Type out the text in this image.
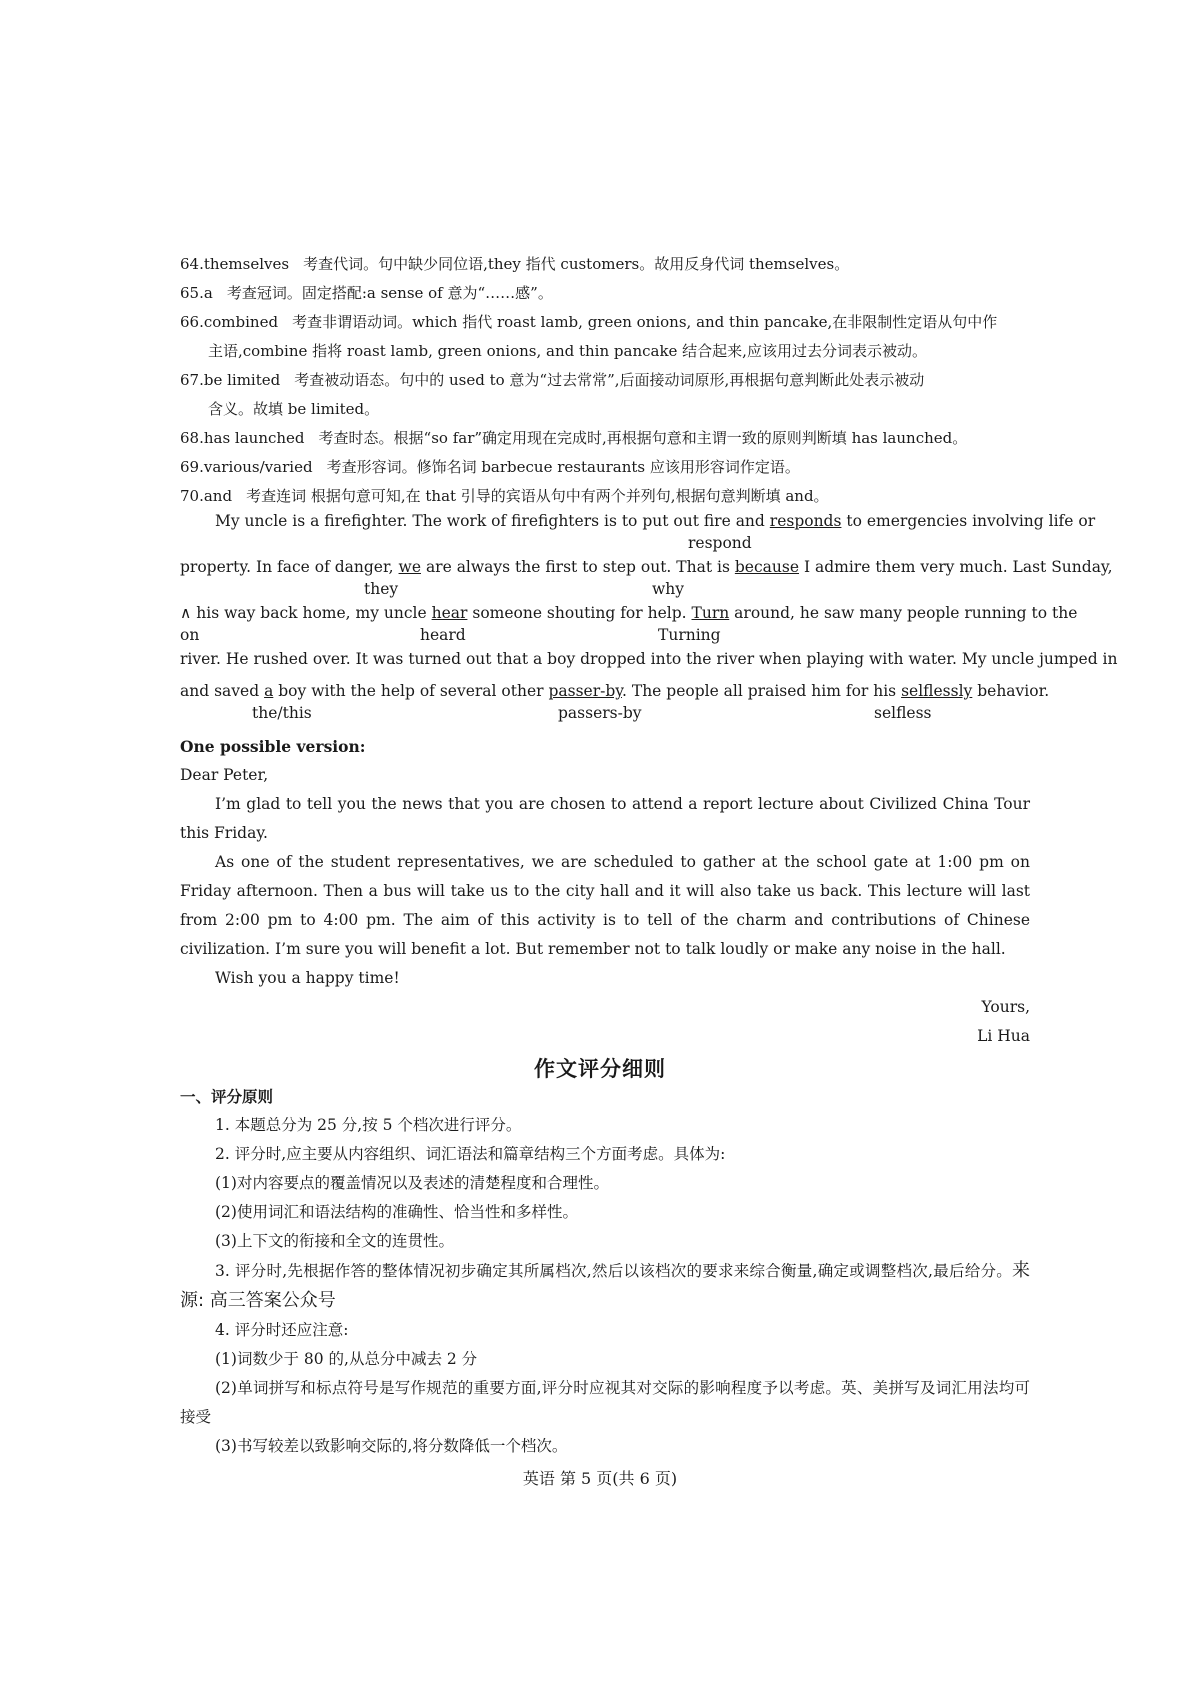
64.themselves 考查代词。句中缺少同位语,they 指代 customers。故用反身代词 themselves。

65.a 考查冠词。固定搭配:a sense of 意为“……感”。

66.combined 考查非谓语动词。which 指代 roast lamb, green onions, and thin pancake,在非限制性定语从句中作

主语,combine 指将 roast lamb, green onions, and thin pancake 结合起来,应该用过去分词表示被动。

67.be limited 考查被动语态。句中的 used to 意为“过去常常”,后面接动词原形,再根据句意判断此处表示被动

含义。故填 be limited。

68.has launched 考查时态。根据“so far”确定用现在完成时,再根据句意和主谓一致的原则判断填 has launched。

69.various/varied 考查形容词。修饰名词 barbecue restaurants 应该用形容词作定语。

70.and 考查连词 根据句意可知,在 that 引导的宾语从句中有两个并列句,根据句意判断填 and。

My uncle is a firefighter. The work of firefighters is to put out fire and responds to emergencies involving life or
respond
property. In face of danger, we are always the first to step out. That is because I admire them very much. Last Sunday,
they	why
∧ his way back home, my uncle hear someone shouting for help. Turn around, he saw many people running to the
on	heard	Turning
river. He rushed over. It was turned out that a boy dropped into the river when playing with water. My uncle jumped in
and saved a boy with the help of several other passer-by. The people all praised him for his selflessly behavior.
the/this	passers-by	selfless

One possible version:

Dear Peter,

I’m glad to tell you the news that you are chosen to attend a report lecture about Civilized China Tour this Friday.

As one of the student representatives, we are scheduled to gather at the school gate at 1:00 pm on Friday afternoon. Then a bus will take us to the city hall and it will also take us back. This lecture will last from 2:00 pm to 4:00 pm. The aim of this activity is to tell of the charm and contributions of Chinese civilization. I’m sure you will benefit a lot. But remember not to talk loudly or make any noise in the hall.

Wish you a happy time!

Yours,

Li Hua

作文评分细则

一、评分原则

1. 本题总分为 25 分,按 5 个档次进行评分。

2. 评分时,应主要从内容组织、词汇语法和篇章结构三个方面考虑。具体为:

(1)对内容要点的覆盖情况以及表述的清楚程度和合理性。

(2)使用词汇和语法结构的准确性、恰当性和多样性。

(3)上下文的衔接和全文的连贯性。

3. 评分时,先根据作答的整体情况初步确定其所属档次,然后以该档次的要求来综合衡量,确定或调整档次,最后给分。来源: 高三答案公众号

4. 评分时还应注意:

(1)词数少于 80 的,从总分中减去 2 分

(2)单词拼写和标点符号是写作规范的重要方面,评分时应视其对交际的影响程度予以考虑。英、美拼写及词汇用法均可接受

(3)书写较差以致影响交际的,将分数降低一个档次。

英语 第 5 页(共 6 页)
